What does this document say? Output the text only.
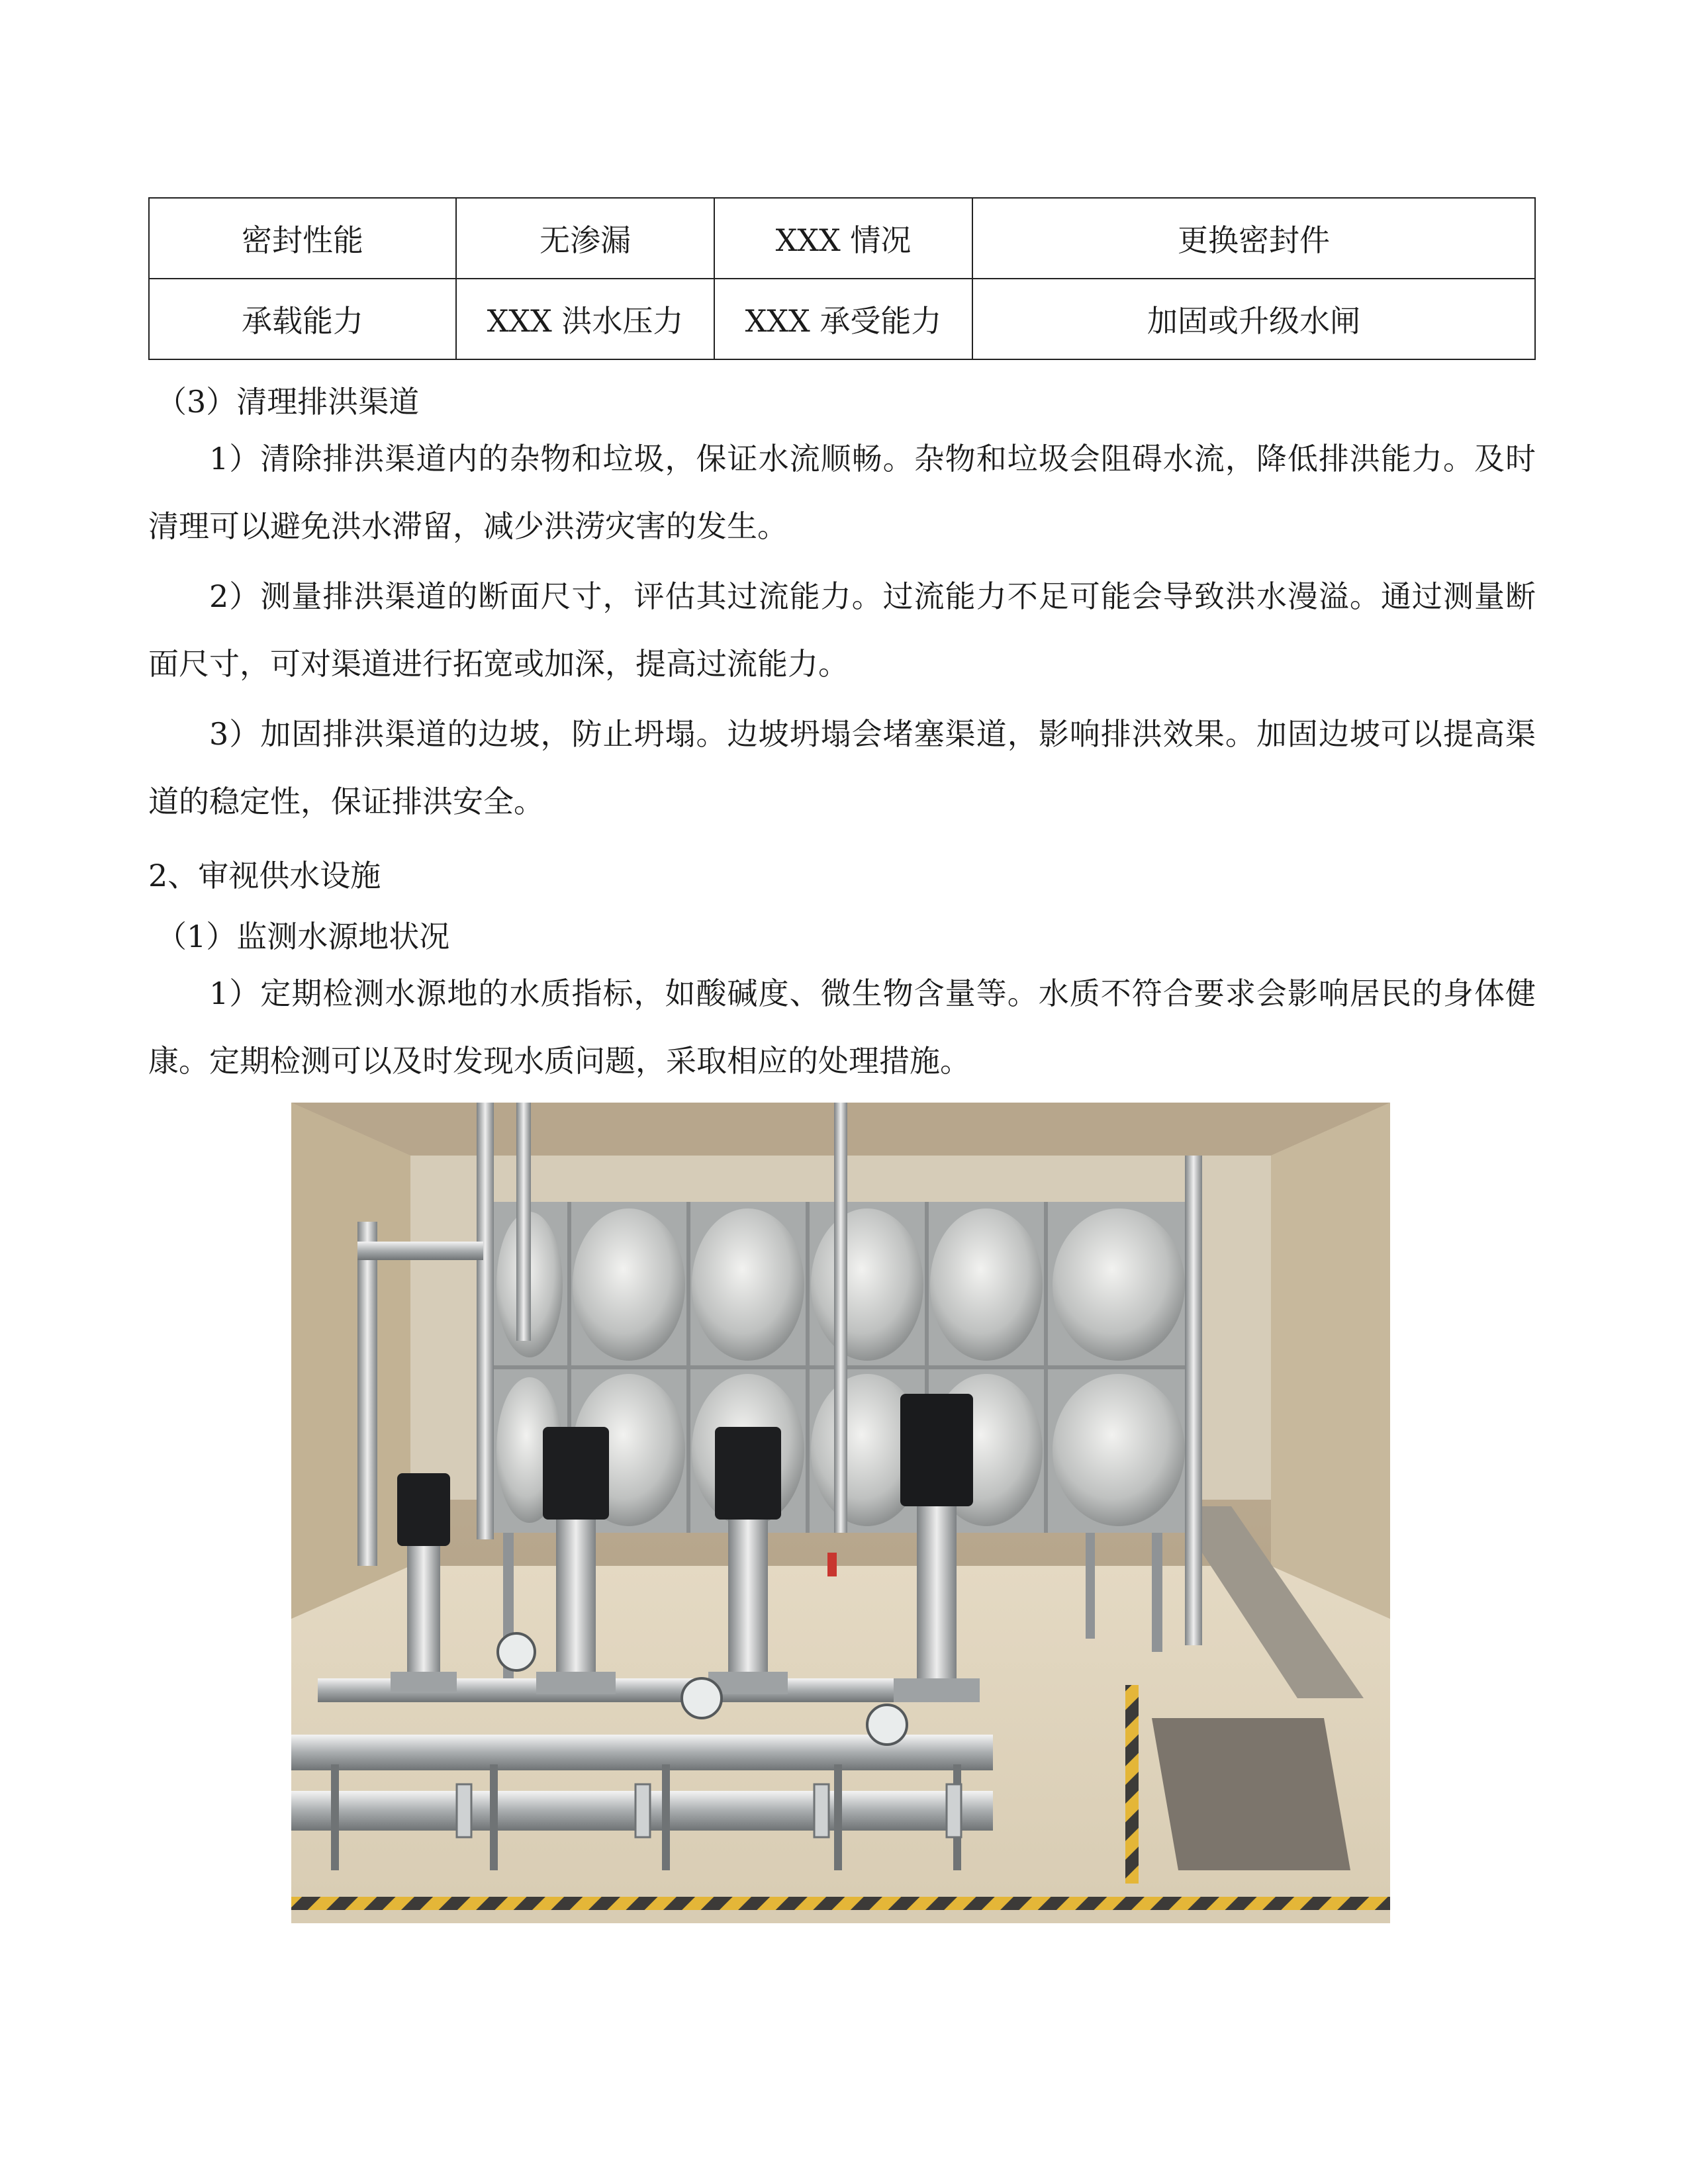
密封性能	无渗漏	XXX 情况	更换密封件
承载能力	XXX 洪水压力	XXX 承受能力	加固或升级水闸

（3）清理排洪渠道

1）清除排洪渠道内的杂物和垃圾，保证水流顺畅。杂物和垃圾会阻碍水流，降低排洪能力。及时清理可以避免洪水滞留，减少洪涝灾害的发生。

2）测量排洪渠道的断面尺寸，评估其过流能力。过流能力不足可能会导致洪水漫溢。通过测量断面尺寸，可对渠道进行拓宽或加深，提高过流能力。

3）加固排洪渠道的边坡，防止坍塌。边坡坍塌会堵塞渠道，影响排洪效果。加固边坡可以提高渠道的稳定性，保证排洪安全。

2、审视供水设施

（1）监测水源地状况

1）定期检测水源地的水质指标，如酸碱度、微生物含量等。水质不符合要求会影响居民的身体健康。定期检测可以及时发现水质问题，采取相应的处理措施。
